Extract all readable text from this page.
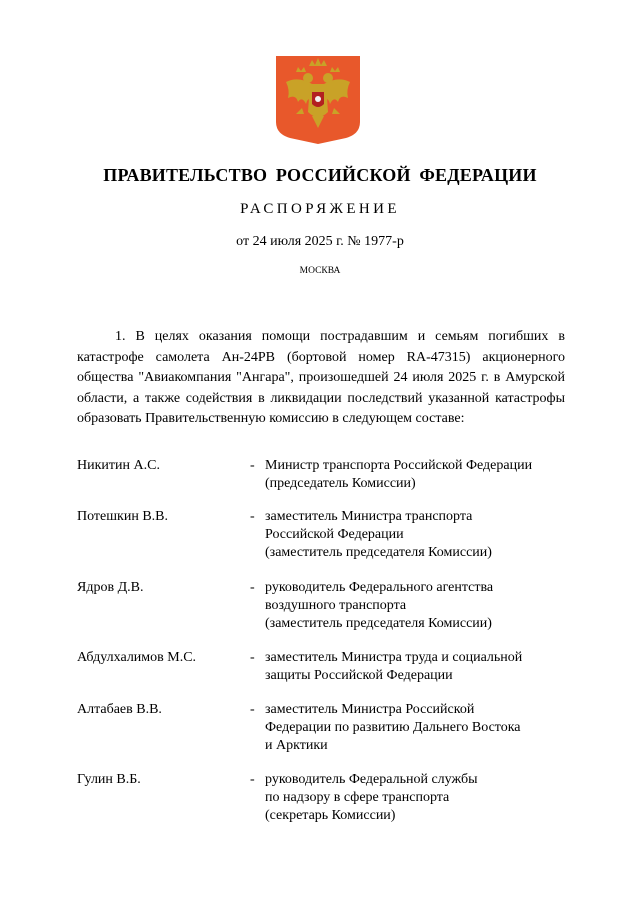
ПРАВИТЕЛЬСТВО РОССИЙСКОЙ ФЕДЕРАЦИИ
РАСПОРЯЖЕНИЕ
от 24 июля 2025 г. № 1977-р
МОСКВА
1. В целях оказания помощи пострадавшим и семьям погибших в катастрофе самолета Ан-24РВ (бортовой номер RA-47315) акционерного общества "Авиакомпания "Ангара", произошедшей 24 июля 2025 г. в Амурской области, а также содействия в ликвидации последствий указанной катастрофы образовать Правительственную комиссию в следующем составе:
Никитин А.С.	- Министр транспорта Российской Федерации
(председатель Комиссии)
Потешкин В.В.	- заместитель Министра транспорта
Российской Федерации
(заместитель председателя Комиссии)
Ядров Д.В.	- руководитель Федерального агентства
воздушного транспорта
(заместитель председателя Комиссии)
Абдулхалимов М.С.	- заместитель Министра труда и социальной
защиты Российской Федерации
Алтабаев В.В.	- заместитель Министра Российской
Федерации по развитию Дальнего Востока
и Арктики
Гулин В.Б.	- руководитель Федеральной службы
по надзору в сфере транспорта
(секретарь Комиссии)
